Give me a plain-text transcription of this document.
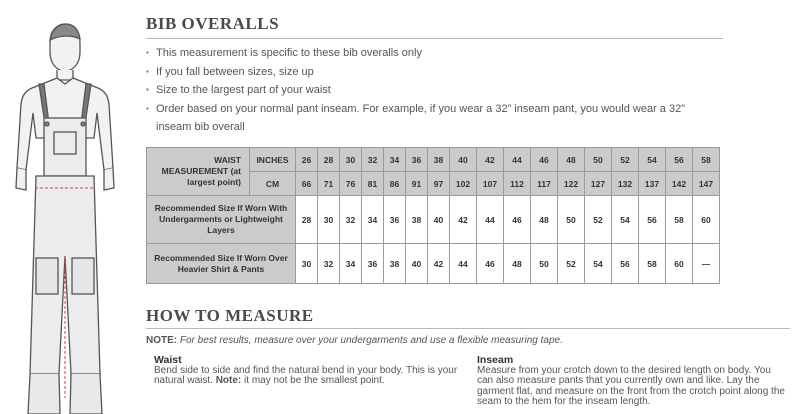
BIB OVERALLS
▪ This measurement is specific to these bib overalls only
▪ If you fall between sizes, size up
▪ Size to the largest part of your waist
▪ Order based on your normal pant inseam. For example, if you wear a 32” inseam pant, you would wear a 32” inseam bib overall
WAIST MEASUREMENT (at largest point)	INCHES	26	28	30	32	34	36	38	40	42	44	46	48	50	52	54	56	58
	CM	66	71	76	81	86	91	97	102	107	112	117	122	127	132	137	142	147
Recommended Size If Worn With Undergarments or Lightweight Layers		28	30	32	34	36	38	40	42	44	46	48	50	52	54	56	58	60
Recommended Size If Worn Over Heavier Shirt & Pants		30	32	34	36	38	40	42	44	46	48	50	52	54	56	58	60	—
HOW TO MEASURE
NOTE: For best results, measure over your undergarments and use a flexible measuring tape.
Waist

Bend side to side and find the natural bend in your body. This is your natural waist. Note: it may not be the smallest point.

Inseam

Measure from your crotch down to the desired length on body. You can also measure pants that you currently own and like. Lay the garment flat, and measure on the front from the crotch point along the seam to the hem for the inseam length.
